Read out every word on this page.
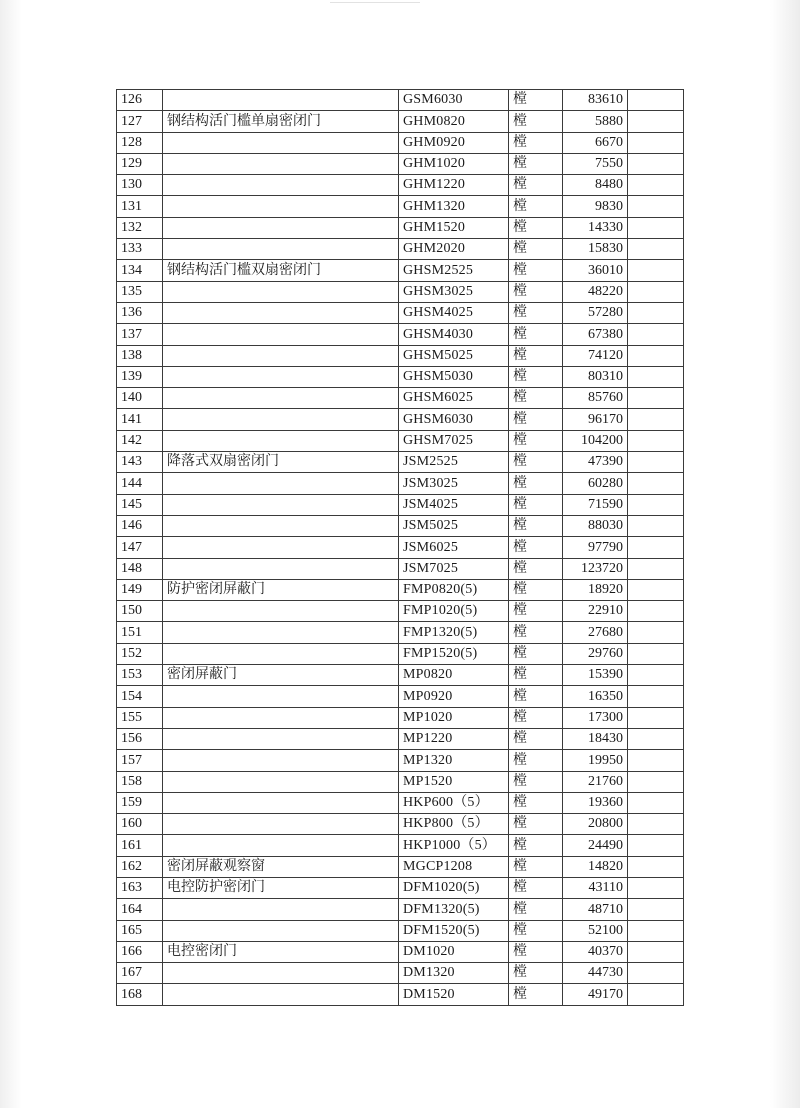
126		GSM6030	樘	83610	
127	钢结构活门槛单扇密闭门	GHM0820	樘	5880	
128		GHM0920	樘	6670	
129		GHM1020	樘	7550	
130		GHM1220	樘	8480	
131		GHM1320	樘	9830	
132		GHM1520	樘	14330	
133		GHM2020	樘	15830	
134	钢结构活门槛双扇密闭门	GHSM2525	樘	36010	
135		GHSM3025	樘	48220	
136		GHSM4025	樘	57280	
137		GHSM4030	樘	67380	
138		GHSM5025	樘	74120	
139		GHSM5030	樘	80310	
140		GHSM6025	樘	85760	
141		GHSM6030	樘	96170	
142		GHSM7025	樘	104200	
143	降落式双扇密闭门	JSM2525	樘	47390	
144		JSM3025	樘	60280	
145		JSM4025	樘	71590	
146		JSM5025	樘	88030	
147		JSM6025	樘	97790	
148		JSM7025	樘	123720	
149	防护密闭屏蔽门	FMP0820(5)	樘	18920	
150		FMP1020(5)	樘	22910	
151		FMP1320(5)	樘	27680	
152		FMP1520(5)	樘	29760	
153	密闭屏蔽门	MP0820	樘	15390	
154		MP0920	樘	16350	
155		MP1020	樘	17300	
156		MP1220	樘	18430	
157		MP1320	樘	19950	
158		MP1520	樘	21760	
159		HKP600（5）	樘	19360	
160		HKP800（5）	樘	20800	
161		HKP1000（5）	樘	24490	
162	密闭屏蔽观察窗	MGCP1208	樘	14820	
163	电控防护密闭门	DFM1020(5)	樘	43110	
164		DFM1320(5)	樘	48710	
165		DFM1520(5)	樘	52100	
166	电控密闭门	DM1020	樘	40370	
167		DM1320	樘	44730	
168		DM1520	樘	49170	
